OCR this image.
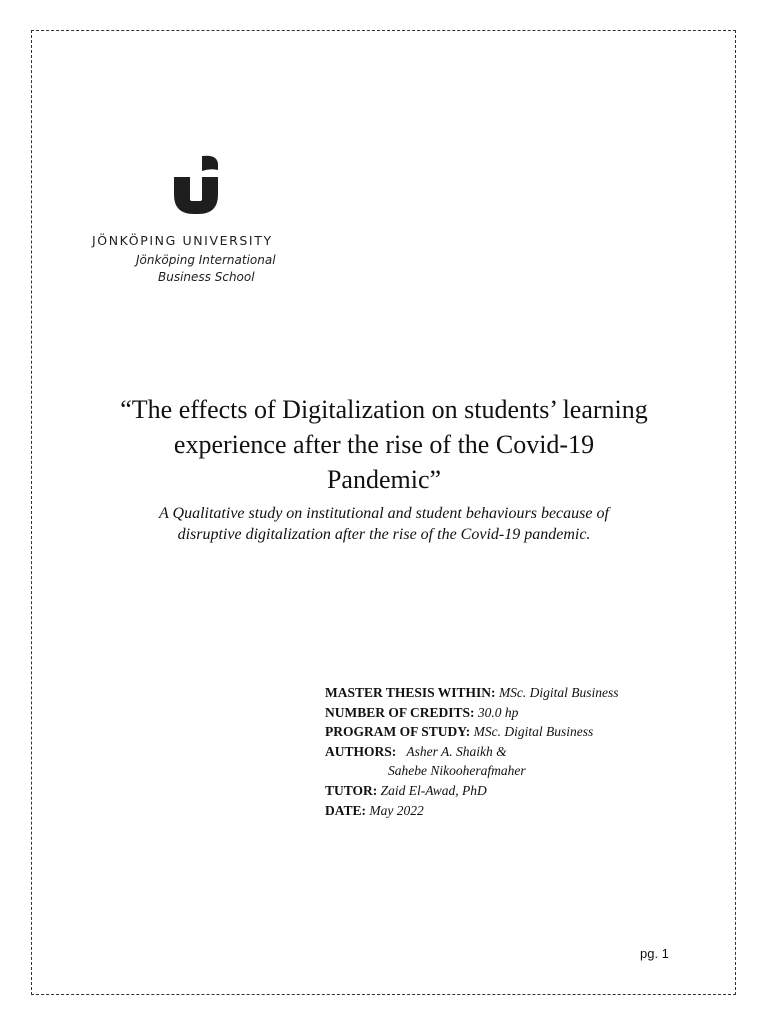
JÖNKÖPING UNIVERSITY
Jönköping International
Business School
“The effects of Digitalization on students’ learning
experience after the rise of the Covid-19
Pandemic”

A Qualitative study on institutional and student behaviours because of
disruptive digitalization after the rise of the Covid-19 pandemic.

MASTER THESIS WITHIN: MSc. Digital Business
NUMBER OF CREDITS: 30.0 hp
PROGRAM OF STUDY: MSc. Digital Business
AUTHORS: Asher A. Shaikh &
Sahebe Nikooherafmaher
TUTOR: Zaid El-Awad, PhD
DATE: May 2022
pg. 1
